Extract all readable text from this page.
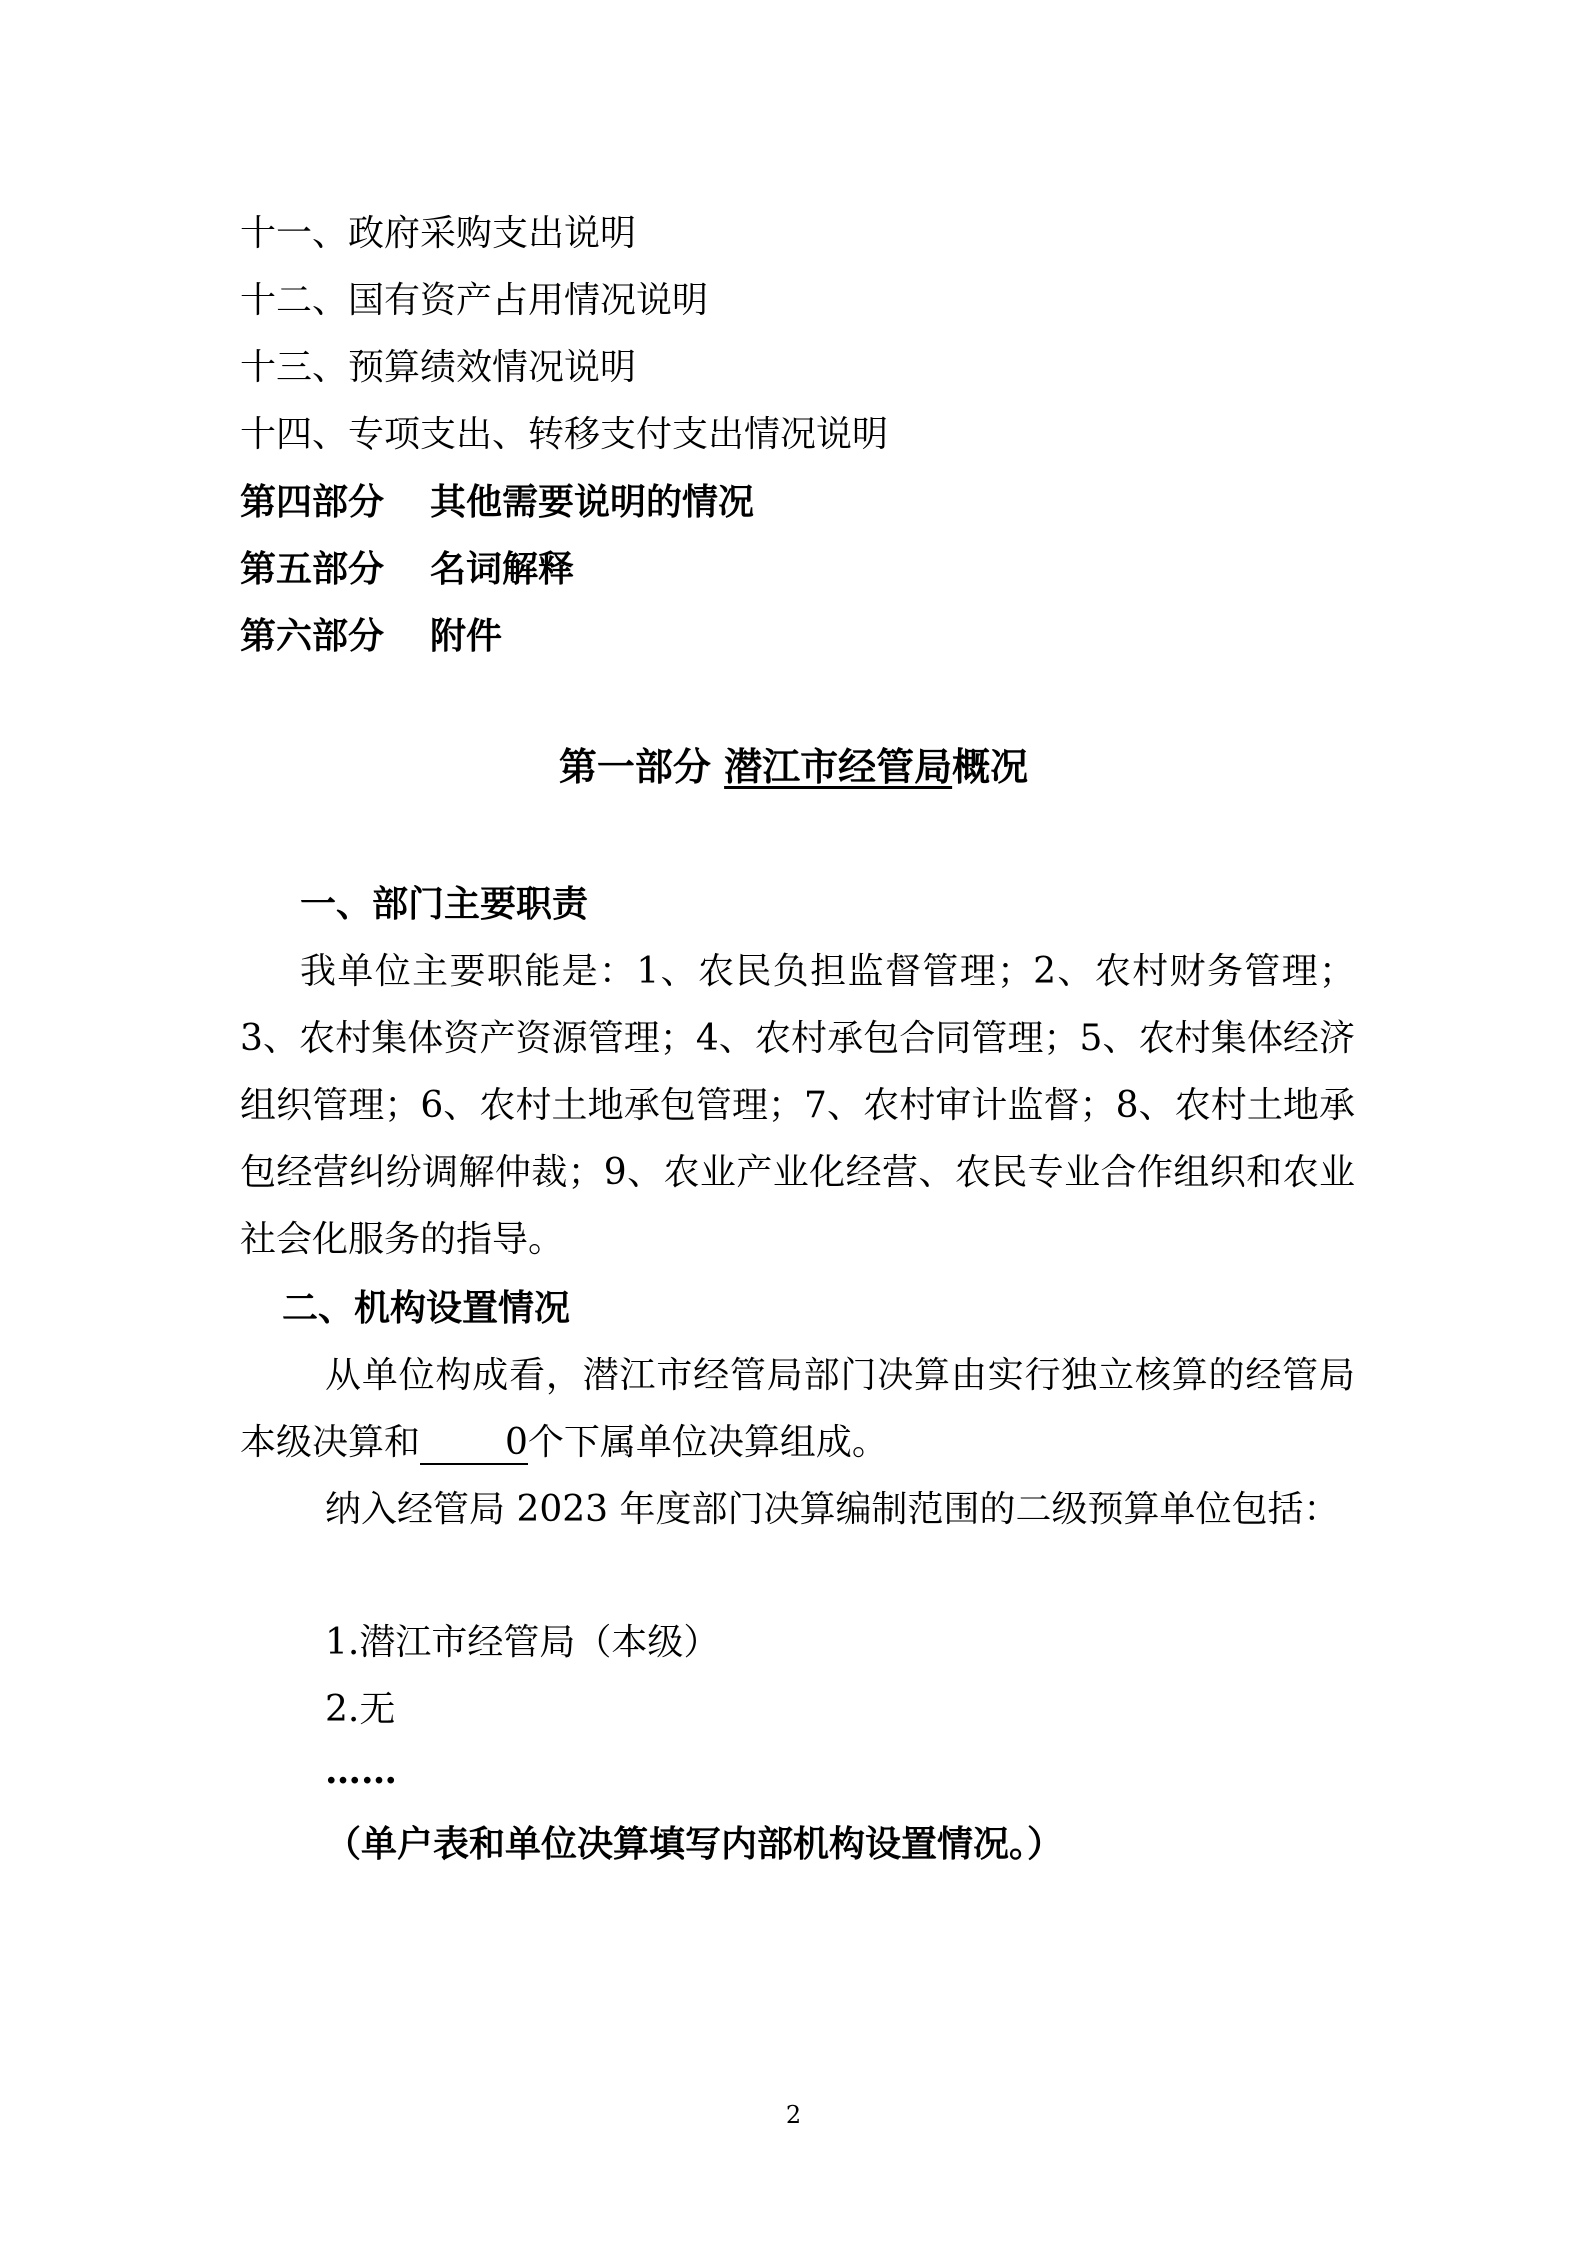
十一、政府采购支出说明
十二、国有资产占用情况说明
十三、预算绩效情况说明
十四、专项支出、转移支付支出情况说明
第四部分 其他需要说明的情况
第五部分 名词解释
第六部分 附件
第一部分 潜江市经管局概况
一、部门主要职责
我单位主要职能是：1、农民负担监督管理；2、农村财务管理；3、农村集体资产资源管理；4、农村承包合同管理；5、农村集体经济组织管理；6、农村土地承包管理；7、农村审计监督；8、农村土地承包经营纠纷调解仲裁；9、农业产业化经营、农民专业合作组织和农业社会化服务的指导。
二、机构设置情况
从单位构成看，潜江市经管局部门决算由实行独立核算的经管局本级决算和 0个下属单位决算组成。
纳入经管局 2023 年度部门决算编制范围的二级预算单位包括：
1.潜江市经管局（本级）
2.无
……
（单户表和单位决算填写内部机构设置情况。）
2
